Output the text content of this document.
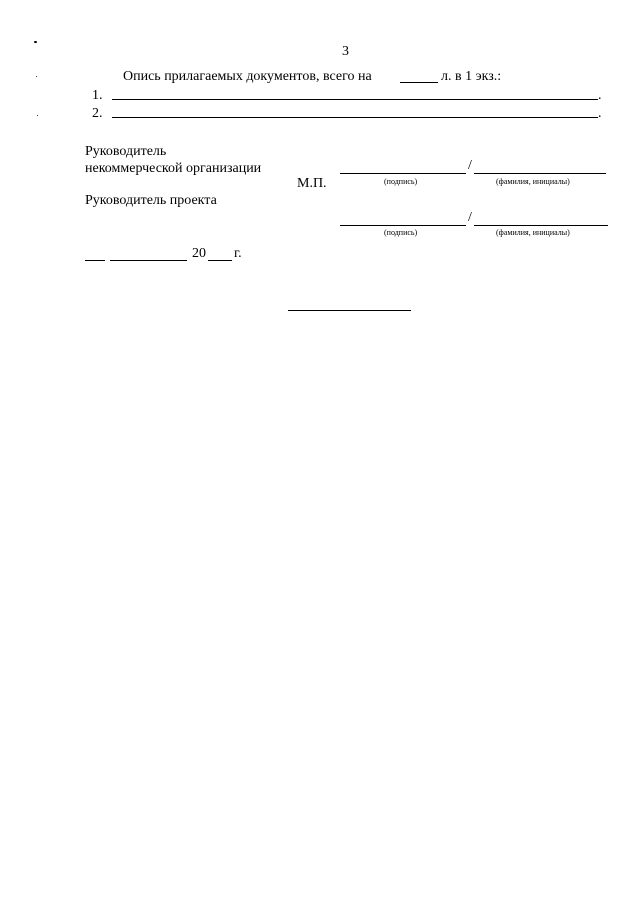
3
Опись прилагаемых документов, всего на	л. в 1 экз.:
1.	.
2.	.
Руководитель
некоммерческой организации	/
М.П.	(подпись)	(фамилия, инициалы)
Руководитель проекта
/
(подпись)	(фамилия, инициалы)
20 г.
